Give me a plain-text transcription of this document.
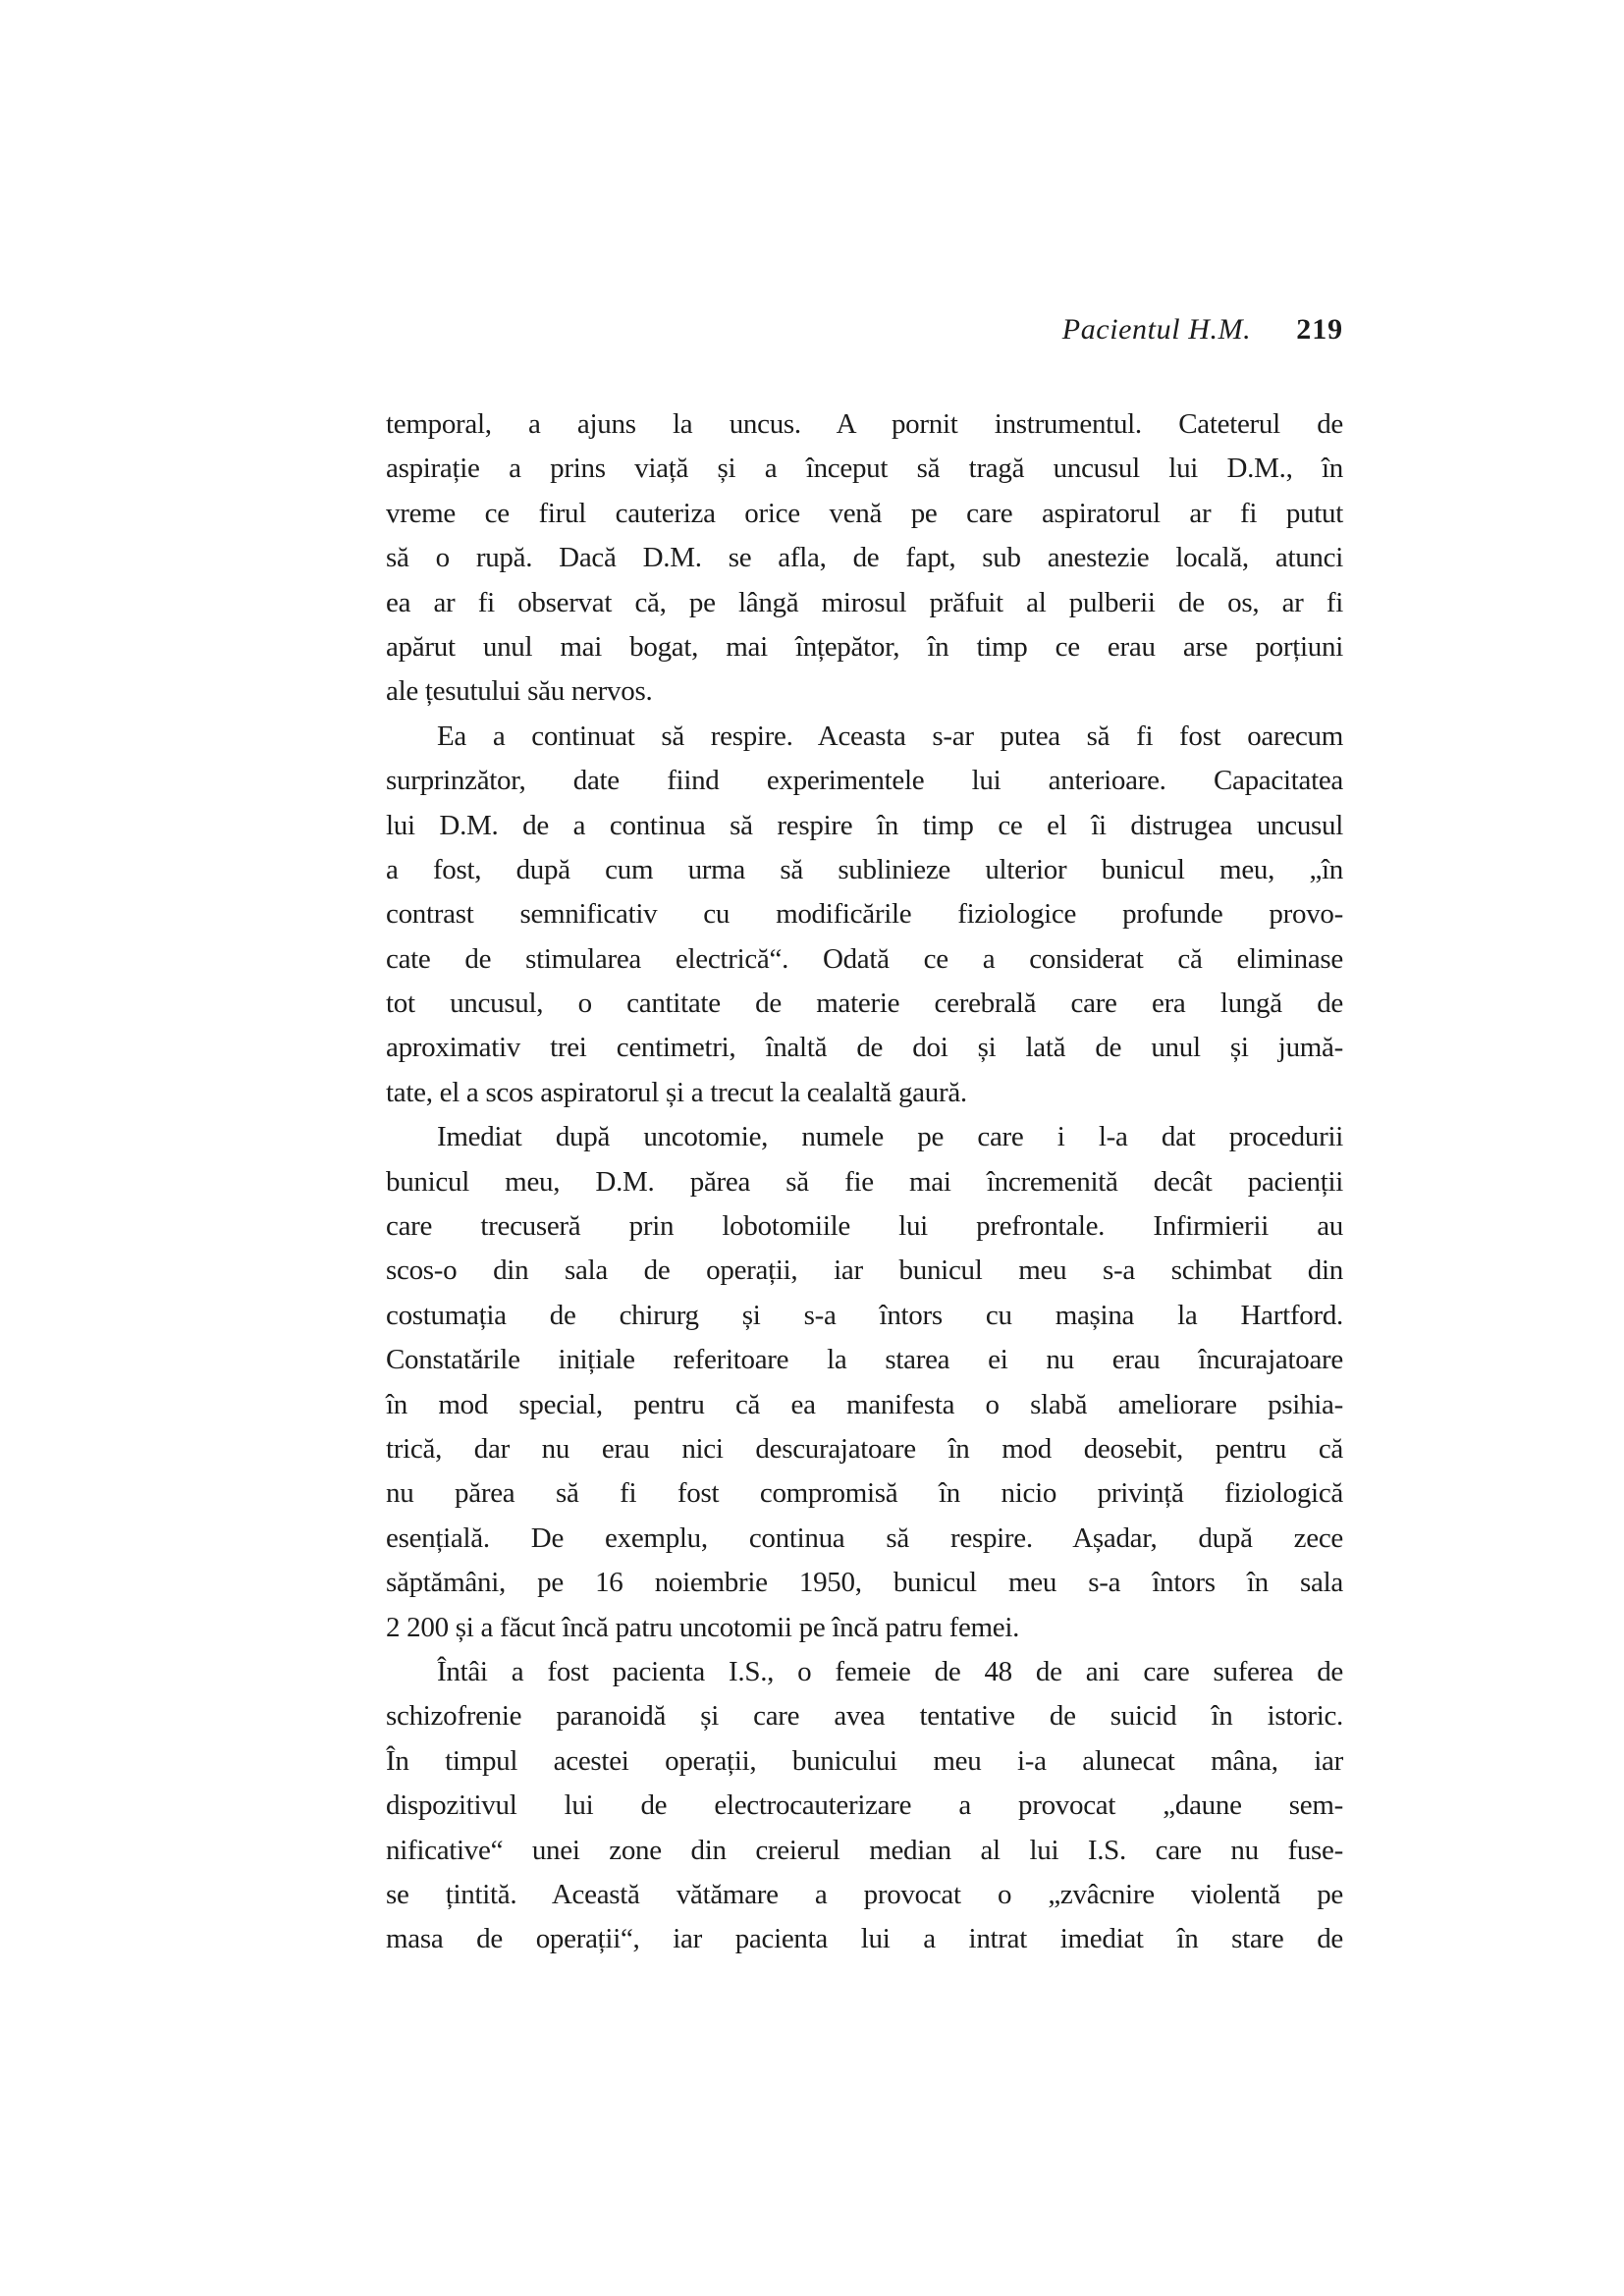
Pacientul H.M. 219
temporal, a ajuns la uncus. A pornit instrumentul. Cateterul de
aspirație a prins viață și a început să tragă uncusul lui D.M., în
vreme ce firul cauteriza orice venă pe care aspiratorul ar fi putut
să o rupă. Dacă D.M. se afla, de fapt, sub anestezie locală, atunci
ea ar fi observat că, pe lângă mirosul prăfuit al pulberii de os, ar fi
apărut unul mai bogat, mai înțepător, în timp ce erau arse porțiuni
ale țesutului său nervos.
Ea a continuat să respire. Aceasta s-ar putea să fi fost oarecum
surprinzător, date fiind experimentele lui anterioare. Capacitatea
lui D.M. de a continua să respire în timp ce el îi distrugea uncusul
a fost, după cum urma să sublinieze ulterior bunicul meu, „în
contrast semnificativ cu modificările fiziologice profunde provo-
cate de stimularea electrică“. Odată ce a considerat că eliminase
tot uncusul, o cantitate de materie cerebrală care era lungă de
aproximativ trei centimetri, înaltă de doi și lată de unul și jumă-
tate, el a scos aspiratorul și a trecut la cealaltă gaură.
Imediat după uncotomie, numele pe care i l-a dat procedurii
bunicul meu, D.M. părea să fie mai încremenită decât pacienții
care trecuseră prin lobotomiile lui prefrontale. Infirmierii au
scos-o din sala de operații, iar bunicul meu s-a schimbat din
costumația de chirurg și s-a întors cu mașina la Hartford.
Constatările inițiale referitoare la starea ei nu erau încurajatoare
în mod special, pentru că ea manifesta o slabă ameliorare psihia-
trică, dar nu erau nici descurajatoare în mod deosebit, pentru că
nu părea să fi fost compromisă în nicio privință fiziologică
esențială. De exemplu, continua să respire. Așadar, după zece
săptămâni, pe 16 noiembrie 1950, bunicul meu s-a întors în sala
2 200 și a făcut încă patru uncotomii pe încă patru femei.
Întâi a fost pacienta I.S., o femeie de 48 de ani care suferea de
schizofrenie paranoidă și care avea tentative de suicid în istoric.
În timpul acestei operații, bunicului meu i-a alunecat mâna, iar
dispozitivul lui de electrocauterizare a provocat „daune sem-
nificative“ unei zone din creierul median al lui I.S. care nu fuse-
se țintită. Această vătămare a provocat o „zvâcnire violentă pe
masa de operații“, iar pacienta lui a intrat imediat în stare de
